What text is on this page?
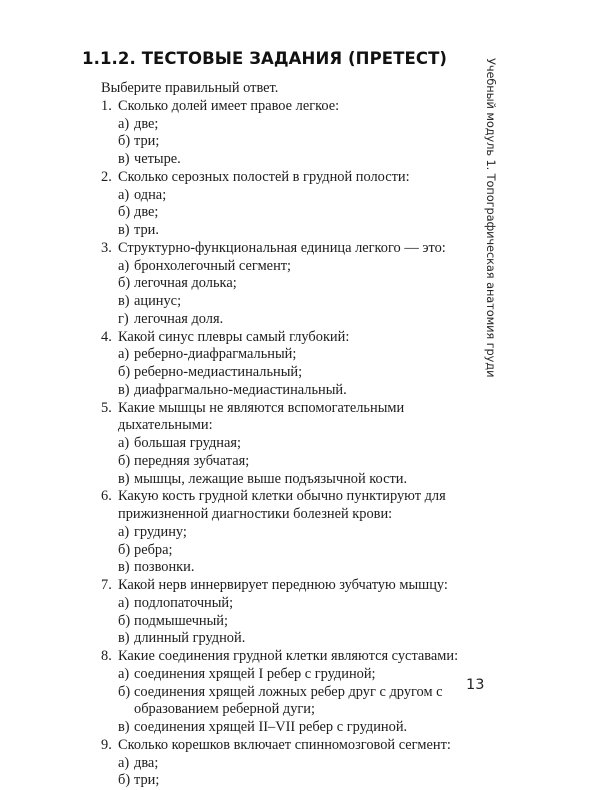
1.1.2. ТЕСТОВЫЕ ЗАДАНИЯ (ПРЕТЕСТ)

Выберите правильный ответ.

1. Сколько долей имеет правое легкое:
а) две;
б) три;
в) четыре.
2. Сколько серозных полостей в грудной полости:
а) одна;
б) две;
в) три.
3. Структурно-функциональная единица легкого — это:
а) бронхолегочный сегмент;
б) легочная долька;
в) ацинус;
г) легочная доля.
4. Какой синус плевры самый глубокий:
а) реберно-диафрагмальный;
б) реберно-медиастинальный;
в) диафрагмально-медиастинальный.
5. Какие мышцы не являются вспомогательными дыхательными:
а) большая грудная;
б) передняя зубчатая;
в) мышцы, лежащие выше подъязычной кости.
6. Какую кость грудной клетки обычно пунктируют для прижизненной диагностики болезней крови:
а) грудину;
б) ребра;
в) позвонки.
7. Какой нерв иннервирует переднюю зубчатую мышцу:
а) подлопаточный;
б) подмышечный;
в) длинный грудной.
8. Какие соединения грудной клетки являются суставами:
а) соединения хрящей I ребер с грудиной;
б) соединения хрящей ложных ребер друг с другом с образованием реберной дуги;
в) соединения хрящей II–VII ребер с грудиной.
9. Сколько корешков включает спинномозговой сегмент:
а) два;
б) три;
Учебный модуль 1. Топографическая анатомия груди
13
